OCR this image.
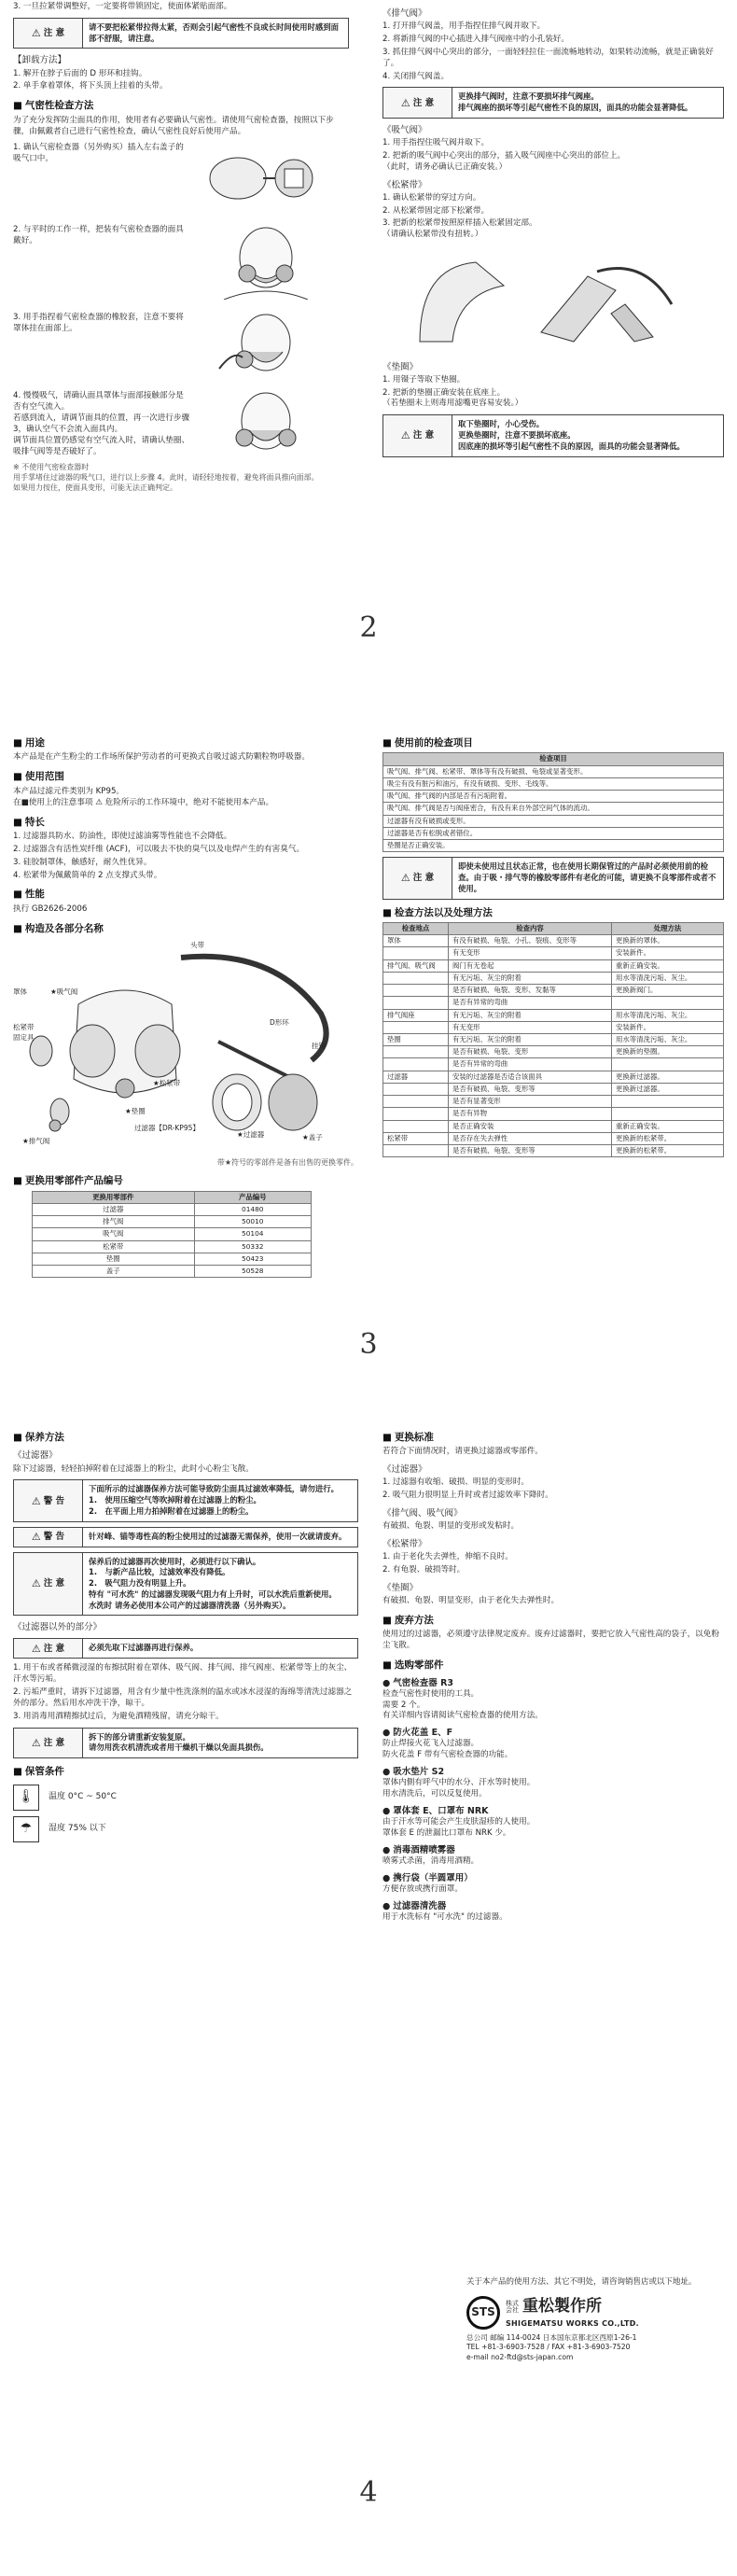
3. 一旦拉紧带调整好，一定要将带锁固定，使面体紧贴面部。

⚠ 注 意
请不要把松紧带拉得太紧，否则会引起气密性不良或长时间使用时感到面部不舒服，请注意。
【卸载方法】
1. 解开在脖子后面的 D 形环和挂钩。
2. 单手拿着罩体，将下头顶上挂着的头带。
■ 气密性检查方法

为了充分发挥防尘面具的作用，使用者有必要确认气密性。请使用气密检查器，按照以下步骤，由佩戴者自己进行气密性检查，确认气密性良好后使用产品。

1. 确认气密检查器（另外购买）插入左右盖子的吸气口中。

2. 与平时的工作一样，把装有气密检查器的面具戴好。

3. 用手指捏着气密检查器的橡胶套，注意不要将罩体挂在面部上。

4. 慢慢吸气，请确认面具罩体与面部接触部分是否有空气流入。
若感到流入，请调节面具的位置，再一次进行步骤 3，确认空气不会流入面具内。
调节面具位置仍感觉有空气流入时，请确认垫圈、吸排气阀等是否破好了。

※ 不使用气密检查器时
用手掌堵住过滤器的吸气口，进行以上步骤 4。此时，请轻轻地按着，避免将面具推向面部。
如果用力按住，使面具变形，可能无法正确判定。

《排气阀》
1. 打开排气阀盖，用手指捏住排气阀并取下。
2. 将新排气阀的中心插进入排气阀座中的小孔装好。
3. 抓住排气阀中心突出的部分，一面轻轻拉住一面流畅地转动，如果转动流畅，就是正确装好了。
4. 关闭排气阀盖。
⚠ 注 意
更换排气阀时，注意不要损坏排气阀座。
排气阀座的损坏等引起气密性不良的原因，面具的功能会显著降低。
《吸气阀》
1. 用手指捏住吸气阀并取下。
2. 把新的吸气阀中心突出的部分，插入吸气阀座中心突出的部位上。
（此时，请务必确认已正确安装。）
《松紧带》
1. 确认松紧带的穿过方向。
2. 从松紧带固定部下松紧带。
3. 把新的松紧带按照原样插入松紧固定部。
（请确认松紧带没有扭转。）
《垫圈》
1. 用镊子等取下垫圈。
2. 把新的垫圈正确安装在底座上。
（若垫圈未上则毒用滤嘴更容易安装。）
⚠ 注 意
取下垫圈时，小心受伤。
更换垫圈时，注意不要损坏底座。
因底座的损坏等引起气密性不良的原因，面具的功能会显著降低。
2
■ 用途

本产品是在产生粉尘的工作场所保护劳动者的可更换式自吸过滤式防颗粒物呼吸器。

■ 使用范围

本产品过滤元件类别为 KP95。

在■使用上的注意事项 ⚠ 危险所示的工作环境中，绝对不能使用本产品。

■ 特长
1. 过滤器具防水、防油性，即使过滤油雾等性能也不会降低。
2. 过滤器含有活性炭纤维 (ACF)，可以吸去不快的臭气以及电焊产生的有害臭气。
3. 硅胶制罩体，触感好，耐久性优异。
4. 松紧带为佩戴简单的 2 点支撑式头带。
■ 性能

执行 GB2626-2006

■ 构造及各部分名称
头带
罩体	★吸气阀
松紧带
固定具
挂钩
D形环
★松紧带
★垫圈
★过滤器	★盖子
★排气阀
过滤器【DR-KP95】

带★符号的零部件是备有出售的更换零件。

■ 更换用零部件产品编号
更换用零部件	产品编号
过滤器	01480
排气阀	50010
吸气阀	50104
松紧带	50332
垫圈	50423
盖子	50528
■ 使用前的检查项目
检查项目
吸气阀、排气阀、松紧带、罩体等有没有破损、龟裂或显著变形。
吸尘有没有脏污和油污，有没有破损、变形、毛线等。
吸气阀、排气阀的内部是否有污垢附着。
吸气阀、排气阀是否与阀座密合，有没有来自外部空间气体的流动。
过滤器有没有破损或变形。
过滤器是否有松脱或者错位。
垫圈是否正确安装。
⚠ 注 意
即使未使用过且状态正常，也在使用长期保管过的产品时必须使用前的检查。由于吸・排气等的橡胶零部件有老化的可能，请更换不良零部件或者不使用。
■ 检查方法以及处理方法
检查地点	检查内容	处理方法
罩体	有没有破损、龟裂、小孔、裂痕、变形等	更换新的罩体。
	有无变形	安装新件。
排气阀、吸气阀	阀门有无卷起	重新正确安装。
	有无污垢、灰尘的附着	用水等清洗污垢、灰尘。
	是否有破损、龟裂、变形、发黏等	更换新阀门。
	是否有异常的弯曲	
排气阀座	有无污垢、灰尘的附着	用水等清洗污垢、灰尘。
	有无变形	安装新件。
垫圈	有无污垢、灰尘的附着	用水等清洗污垢、灰尘。
	是否有破损、龟裂、变形	更换新的垫圈。
	是否有异常的弯曲	
过滤器	安装的过滤器是否适合该面具	更换新过滤器。
	是否有破损、龟裂、变形等	更换新过滤器。
	是否有显著变形	
	是否有异物	
	是否正确安装	重新正确安装。
松紧带	是否存在失去弹性	更换新的松紧带。
	是否有破损、龟裂、变形等	更换新的松紧带。
3
■ 保养方法
《过滤器》

除下过滤器，轻轻拍掉附着在过滤器上的粉尘，此时小心粉尘飞散。

⚠ 警 告
下面所示的过滤器保养方法可能导致防尘面具过滤效率降低，请勿进行。
1.　使用压缩空气等吹掉附着在过滤器上的粉尘。
2.　在平面上用力拍掉附着在过滤器上的粉尘。
⚠ 警 告	针对峰、锚等毒性高的粉尘使用过的过滤器无需保养，使用一次就请废弃。
⚠ 注 意
保养后的过滤器再次使用时，必须进行以下确认。
1.　与新产品比较，过滤效率没有降低。
2.　吸气阻力没有明显上升。
特有 "可水洗" 的过滤器发现吸气阻力有上升时，可以水洗后重新使用。
水洗时 请务必使用本公司产的过滤器清洗器（另外购买）。
《过滤器以外的部分》
⚠ 注 意	必须先取下过滤器再进行保养。
1. 用干布或者稀微浸湿的布擦拭附着在罩体、吸气阀、排气阀、排气阀座、松紧带等上的灰尘、汗水等污垢。
2. 污垢严重时，请拆下过滤器，用含有少量中性洗涤剂的温水或冰水浸湿的海绵等清洗过滤器之外的部分。然后用水冲洗干净，晾干。
3. 用消毒用酒精擦拭过后，为避免酒精残留，请充分晾干。
⚠ 注 意
拆下的部分请重新安装复原。
请勿用洗衣机清洗或者用干燥机干燥以免面具损伤。
■ 保管条件
🌡	温度 0°C ~ 50°C
☂	湿度 75% 以下
■ 更换标准

若符合下面情况时，请更换过滤器或零部件。

《过滤器》
1. 过滤器有收缩、破损、明显的变形时。
2. 吸气阻力很明显上升时或者过滤效率下降时。
《排气阀、吸气阀》
有破损、龟裂、明显的变形或发粘时。
《松紧带》
1. 由于老化失去弹性，伸缩不良时。
2. 有龟裂、破损等时。
《垫圈》
有破损、龟裂、明显变形，由于老化失去弹性时。
■ 废弃方法

使用过的过滤器，必须遵守法律规定废弃。废弃过滤器时，要把它放入气密性高的袋子，以免粉尘飞散。

■ 选购零部件
● 气密检查器 R3

检查气密性时使用的工具。
需要 2 个。
有关详细内容请阅读气密检查器的使用方法。

● 防火花盖 E、F

防止焊接火花飞入过滤器。
防火花盖 F 带有气密检查器的功能。

● 吸水垫片 S2

罩体内側有呼气中的水分、汗水等时使用。
用水清洗后，可以反复使用。

● 罩体套 E、口罩布 NRK

由于汗水等可能会产生皮肤湿疹的人使用。
罩体套 E 的泄漏比口罩布 NRK 少。

● 消毒酒精喷雾器

喷雾式杀菌，消毒用酒精。

● 携行袋（半圆罩用）

方便存放或携行面罩。

● 过滤器清洗器

用于水洗标有 "可水洗" 的过滤器。

关于本产品的使用方法、其它不明处，请咨询销售店或以下地址。

STS
株式
会社 重松製作所
SHIGEMATSU WORKS CO.,LTD.

总公司 邮编 114-0024 日本国东京都北区西原1-26-1

TEL +81-3-6903-7528 / FAX +81-3-6903-7520

e-mail no2-ftd@sts-japan.com

4
